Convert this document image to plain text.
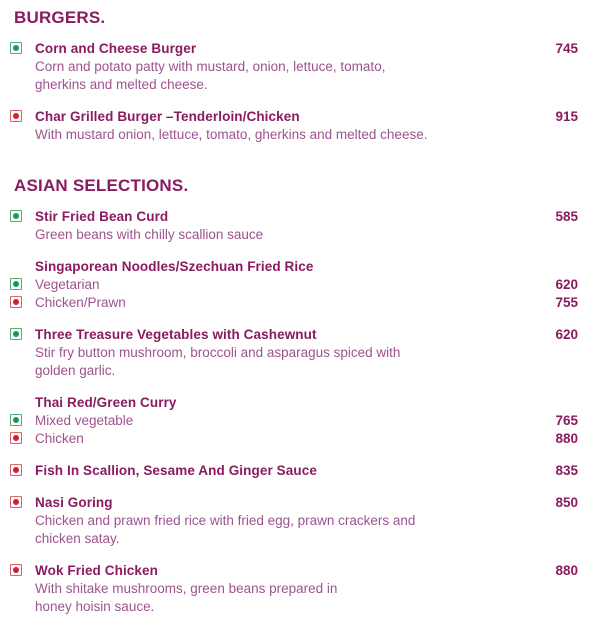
BURGERS.
Corn and Cheese Burger	745
Corn and potato patty with mustard, onion, lettuce, tomato,
gherkins and melted cheese.
Char Grilled Burger –Tenderloin/Chicken	915
With mustard onion, lettuce, tomato, gherkins and melted cheese.
ASIAN SELECTIONS.
Stir Fried Bean Curd	585
Green beans with chilly scallion sauce
Singaporean Noodles/Szechuan Fried Rice
Vegetarian	620
Chicken/Prawn	755
Three Treasure Vegetables with Cashewnut	620
Stir fry button mushroom, broccoli and asparagus spiced with
golden garlic.
Thai Red/Green Curry
Mixed vegetable	765
Chicken	880
Fish In Scallion, Sesame And Ginger Sauce	835
Nasi Goring	850
Chicken and prawn fried rice with fried egg, prawn crackers and
chicken satay.
Wok Fried Chicken	880
With shitake mushrooms, green beans prepared in
honey hoisin sauce.
